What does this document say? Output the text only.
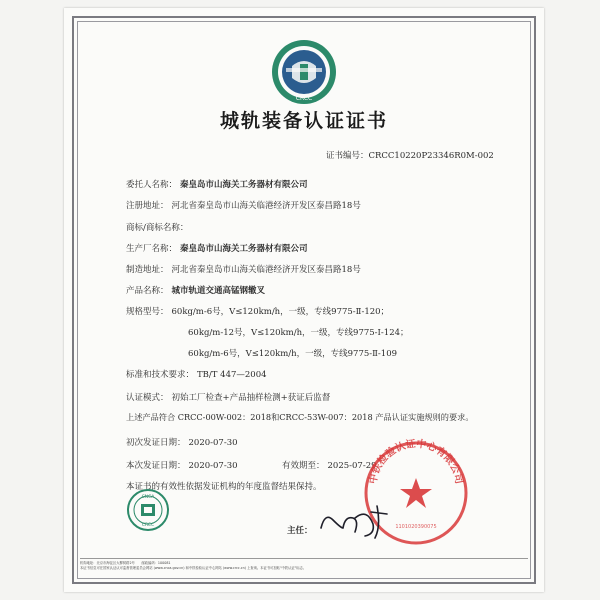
CRCC
城轨装备认证证书
证书编号：CRCC10220P23346R0M-002
委托人名称： 秦皇岛市山海关工务器材有限公司
注册地址： 河北省秦皇岛市山海关临港经济开发区泰昌路18号
商标/商标名称：
生产厂名称： 秦皇岛市山海关工务器材有限公司
制造地址： 河北省秦皇岛市山海关临港经济开发区泰昌路18号
产品名称： 城市轨道交通高锰钢辙叉
规格型号： 60kg/m-6号，V≤120km/h，一级，专线9775-Ⅱ-120；
60kg/m-12号，V≤120km/h，一级，专线9775-Ⅰ-124；
60kg/m-6号，V≤120km/h，一级，专线9775-Ⅱ-109
标准和技术要求： TB/T 447—2004
认证模式： 初始工厂检查+产品抽样检测+获证后监督
上述产品符合 CRCC-00W-002：2018和CRCC-53W-007：2018 产品认证实施规则的要求。
初次发证日期： 2020-07-30
本次发证日期： 2020-07-30	有效期至： 2025-07-29
本证书的有效性依据发证机构的年度监督结果保持。
CNCA
CRCC
中铁检验认证中心有限公司
1101020390075
主任：
机构地址：北京市海淀区大柳树路2号　　邮政编码：100081
本证书信息可在国家认证认可监督管理委员会网站 (www.cnca.gov.cn) 和中铁检验认证中心网站 (www.crcc.cn) 上查询。本证书可加贴"中铁认证"标志。
